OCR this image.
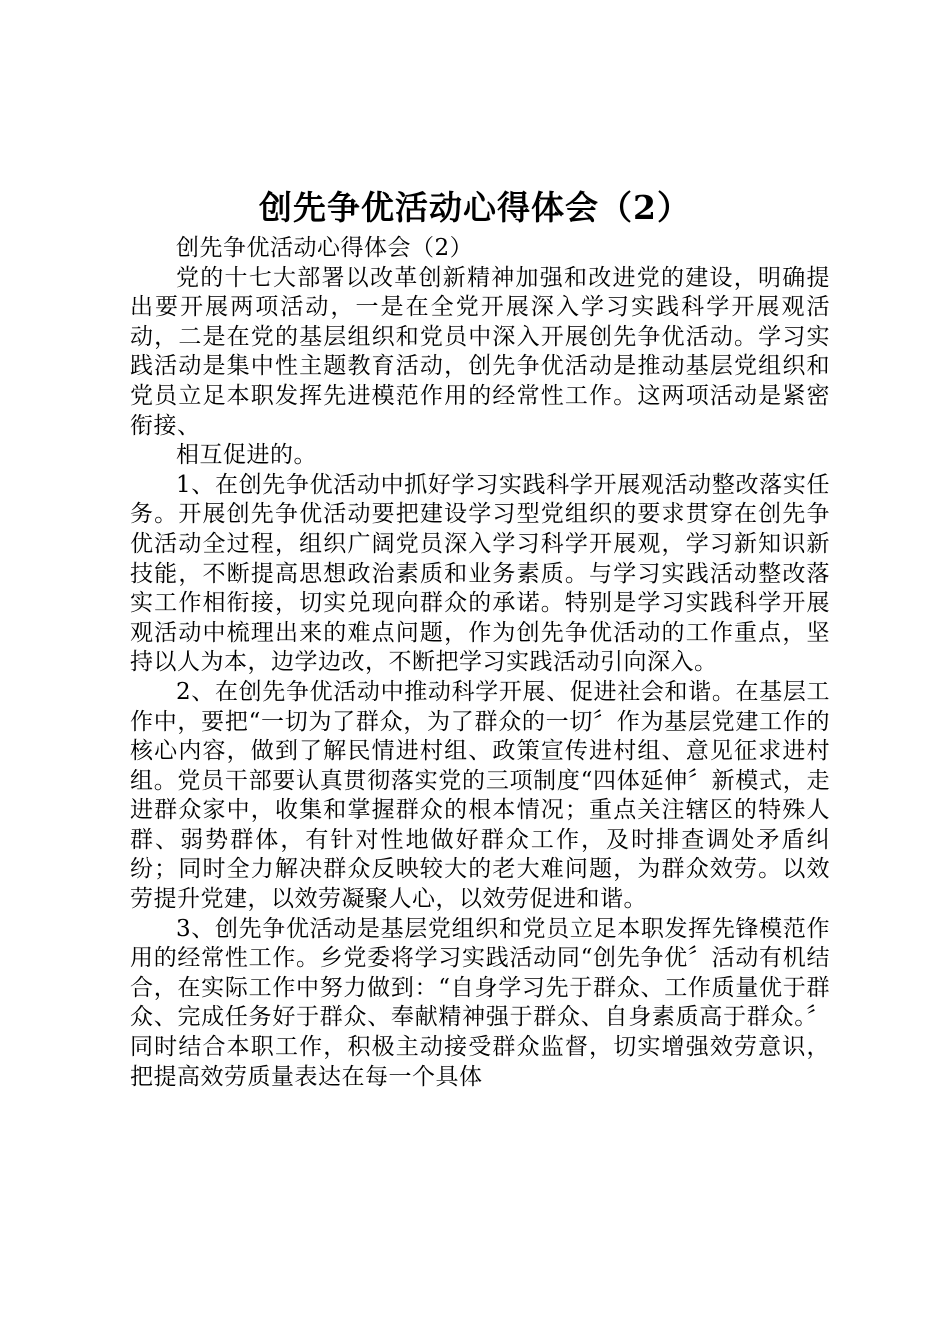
创先争优活动心得体会（2）

创先争优活动心得体会（2）

党的十七大部署以改革创新精神加强和改进党的建设，明确提出要开展两项活动，一是在全党开展深入学习实践科学开展观活动，二是在党的基层组织和党员中深入开展创先争优活动。学习实践活动是集中性主题教育活动，创先争优活动是推动基层党组织和党员立足本职发挥先进模范作用的经常性工作。这两项活动是紧密衔接、

相互促进的。

1、在创先争优活动中抓好学习实践科学开展观活动整改落实任务。开展创先争优活动要把建设学习型党组织的要求贯穿在创先争优活动全过程，组织广阔党员深入学习科学开展观，学习新知识新技能，不断提高思想政治素质和业务素质。与学习实践活动整改落实工作相衔接，切实兑现向群众的承诺。特别是学习实践科学开展观活动中梳理出来的难点问题，作为创先争优活动的工作重点，坚持以人为本，边学边改，不断把学习实践活动引向深入。

2、在创先争优活动中推动科学开展、促进社会和谐。在基层工作中，要把“一切为了群众，为了群众的一切〞作为基层党建工作的核心内容，做到了解民情进村组、政策宣传进村组、意见征求进村组。党员干部要认真贯彻落实党的三项制度“四体延伸〞新模式，走进群众家中，收集和掌握群众的根本情况；重点关注辖区的特殊人群、弱势群体，有针对性地做好群众工作，及时排查调处矛盾纠纷；同时全力解决群众反映较大的老大难问题，为群众效劳。以效劳提升党建，以效劳凝聚人心，以效劳促进和谐。

3、创先争优活动是基层党组织和党员立足本职发挥先锋模范作用的经常性工作。乡党委将学习实践活动同“创先争优〞活动有机结合，在实际工作中努力做到：“自身学习先于群众、工作质量优于群众、完成任务好于群众、奉献精神强于群众、自身素质高于群众。〞同时结合本职工作，积极主动接受群众监督，切实增强效劳意识，把提高效劳质量表达在每一个具体
